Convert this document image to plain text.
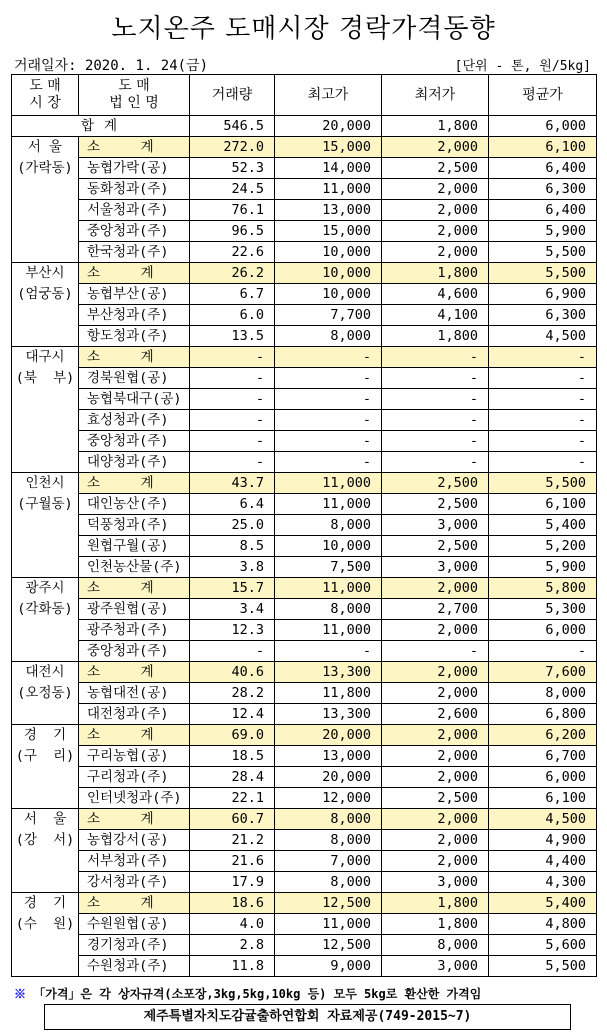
노지온주 도매시장 경락가격동향
거래일자: 2020. 1. 24(금)	[단위 - 톤, 원/5kg]
도 매
시 장	도 매
법 인 명	거래량	최고가	최저가	평균가
합 계		546.5	20,000	1,800	6,000

서 울
(가락동)	소     계	272.0	15,000	2,000	6,100
	농협가락(공)	52.3	14,000	2,500	6,400
	동화청과(주)	24.5	11,000	2,000	6,300
	서울청과(주)	76.1	13,000	2,000	6,400
	중앙청과(주)	96.5	15,000	2,000	5,900
	한국청과(주)	22.6	10,000	2,000	5,500

부산시
(엄궁동)	소     계	26.2	10,000	1,800	5,500
	농협부산(공)	6.7	10,000	4,600	6,900
	부산청과(주)	6.0	7,700	4,100	6,300
	항도청과(주)	13.5	8,000	1,800	4,500

대구시
(북  부)	소     계	-	-	-	-
	경북원협(공)	-	-	-	-
	농협북대구(공)	-	-	-	-
	효성청과(주)	-	-	-	-
	중앙청과(주)	-	-	-	-
	대양청과(주)	-	-	-	-

인천시
(구월동)	소     계	43.7	11,000	2,500	5,500
	대인농산(주)	6.4	11,000	2,500	6,100
	덕풍청과(주)	25.0	8,000	3,000	5,400
	원협구월(공)	8.5	10,000	2,500	5,200
	인천농산물(주)	3.8	7,500	3,000	5,900

광주시
(각화동)	소     계	15.7	11,000	2,000	5,800
	광주원협(공)	3.4	8,000	2,700	5,300
	광주청과(주)	12.3	11,000	2,000	6,000
	중앙청과(주)	-	-	-	-

대전시
(오정동)	소     계	40.6	13,300	2,000	7,600
	농협대전(공)	28.2	11,800	2,000	8,000
	대전청과(주)	12.4	13,300	2,600	6,800

경  기
(구  리)	소     계	69.0	20,000	2,000	6,200
	구리농협(공)	18.5	13,000	2,000	6,700
	구리청과(주)	28.4	20,000	2,000	6,000
	인터넷청과(주)	22.1	12,000	2,500	6,100

서  울
(강  서)	소     계	60.7	8,000	2,000	4,500
	농협강서(공)	21.2	8,000	2,000	4,900
	서부청과(주)	21.6	7,000	2,000	4,400
	강서청과(주)	17.9	8,000	3,000	4,300

경  기
(수  원)	소     계	18.6	12,500	1,800	5,400
	수원원협(공)	4.0	11,000	1,800	4,800
	경기청과(주)	2.8	12,500	8,000	5,600
	수원청과(주)	11.8	9,000	3,000	5,500
※ 「가격」은 각 상자규격(소포장,3kg,5kg,10kg 등) 모두 5kg로 환산한 가격임
제주특별자치도감귤출하연합회 자료제공(749-2015~7)
